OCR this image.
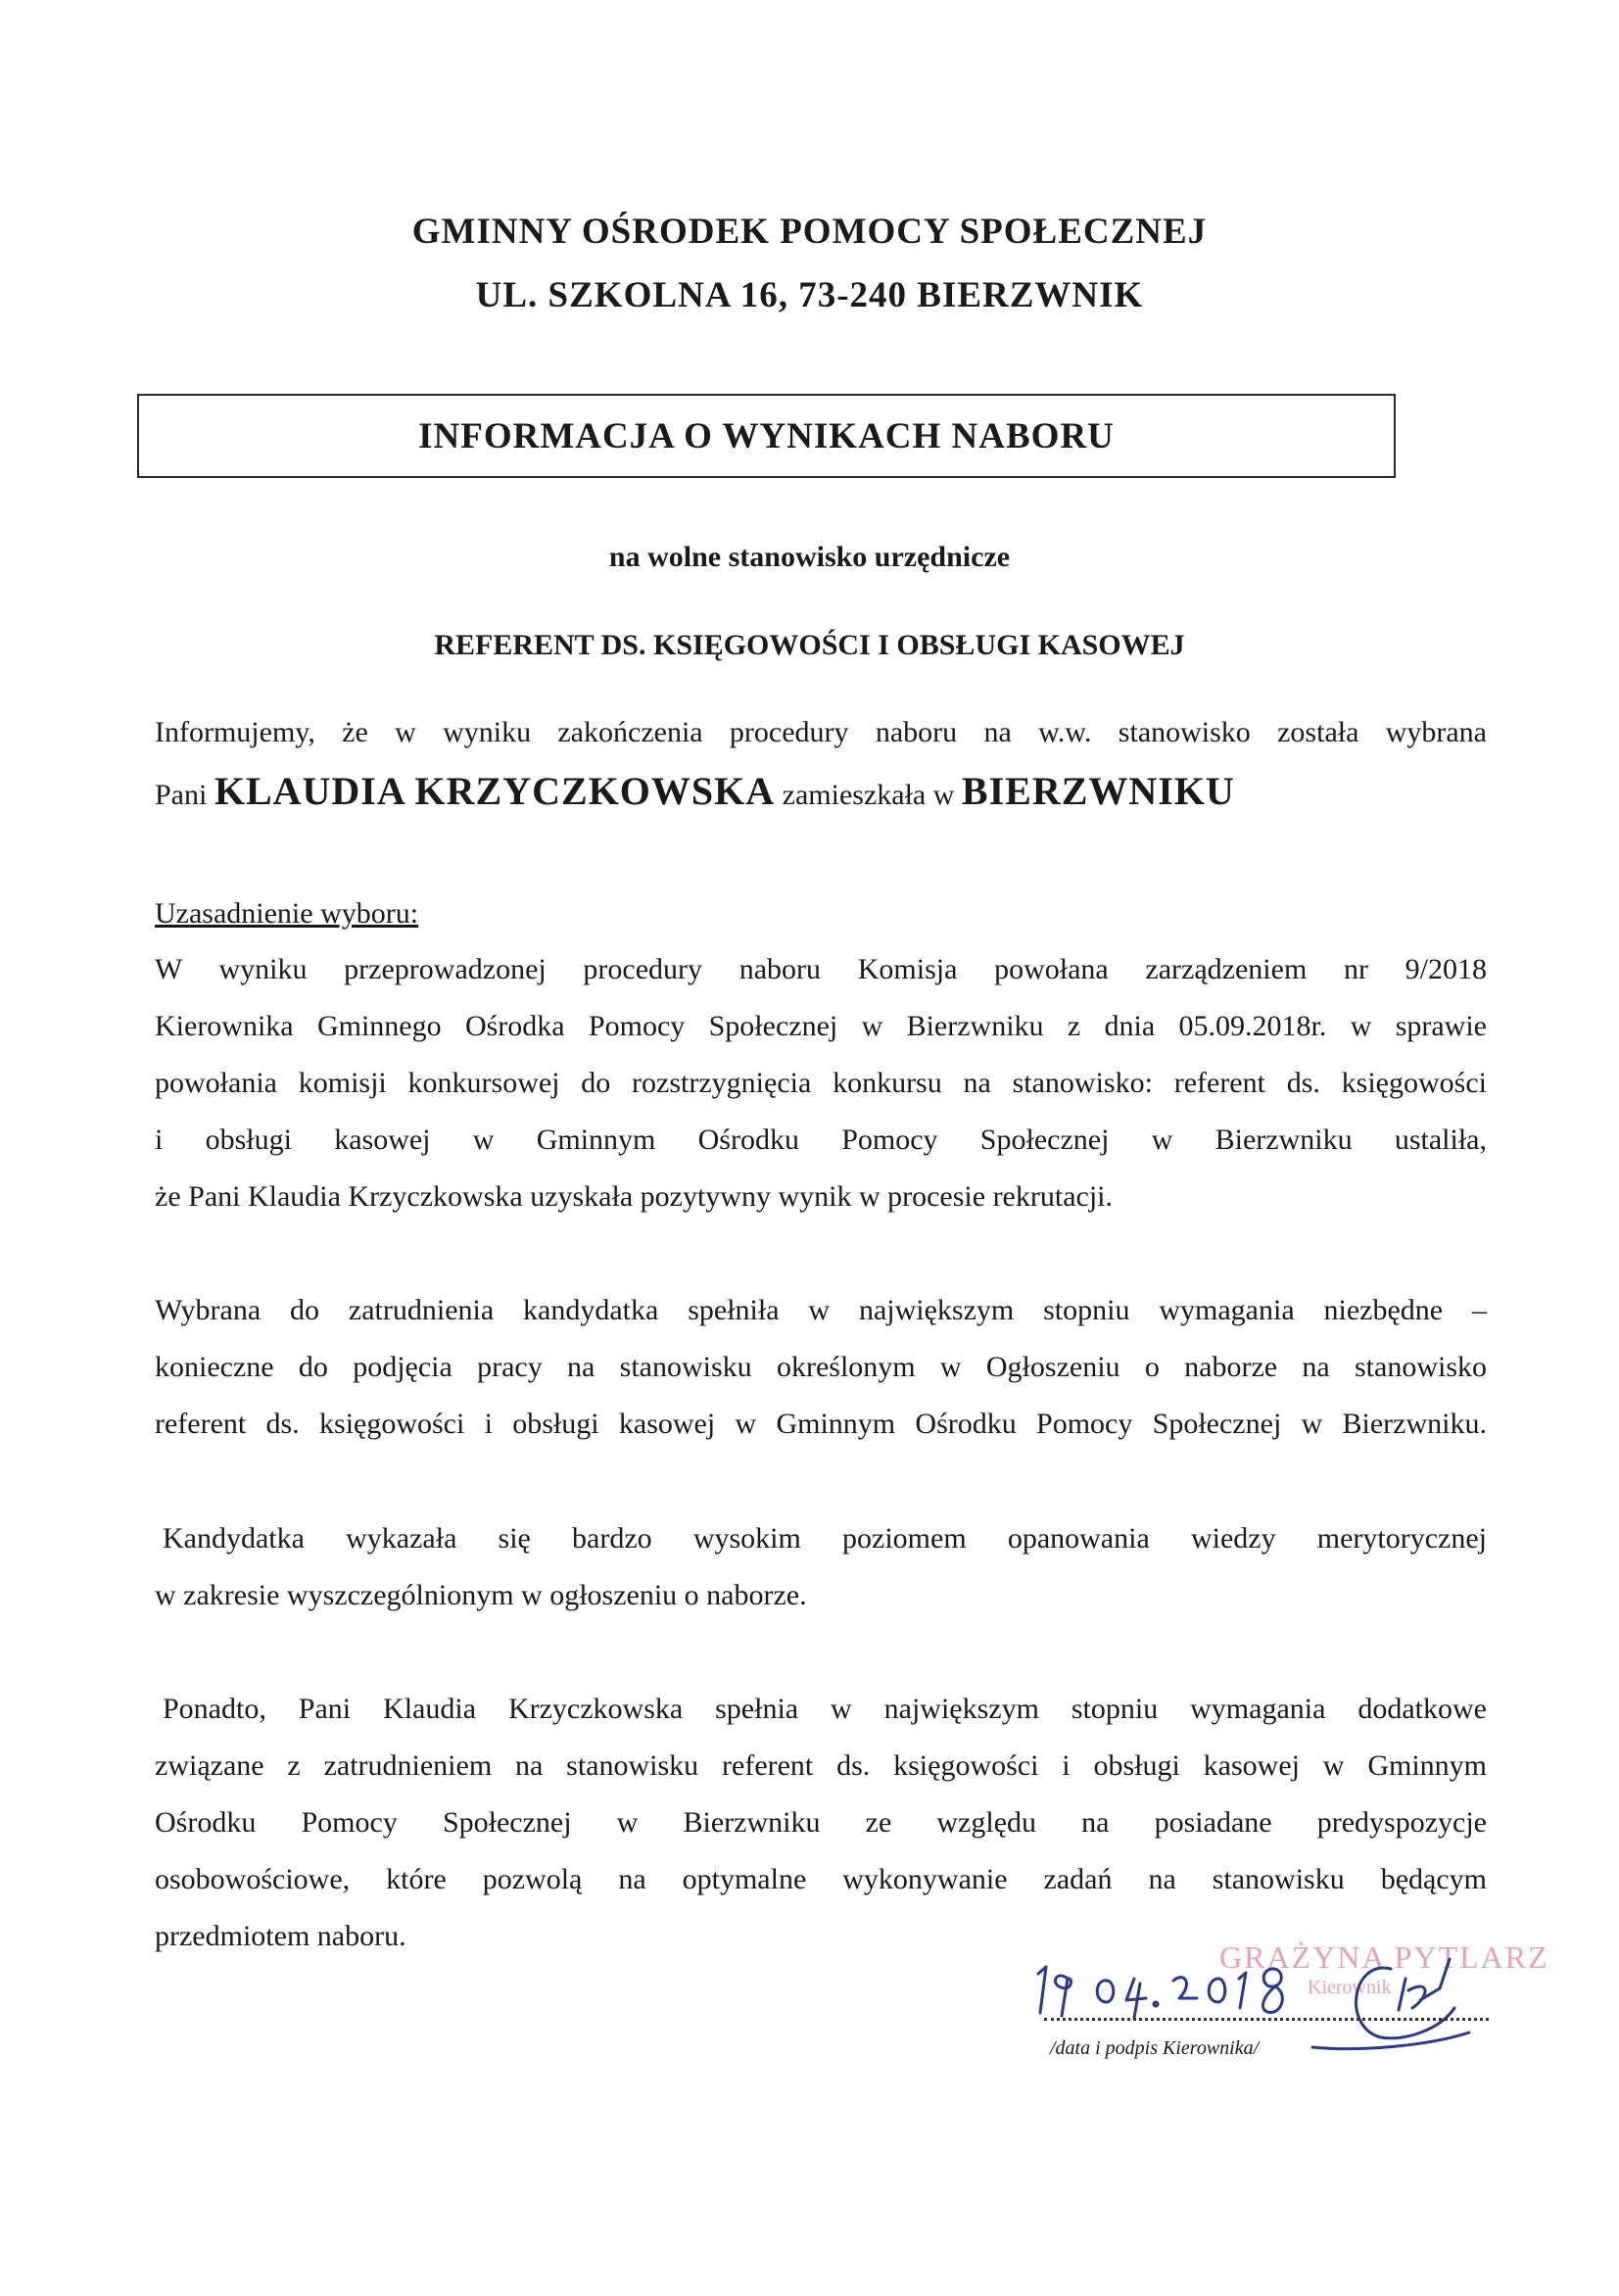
GMINNY OŚRODEK POMOCY SPOŁECZNEJ
UL. SZKOLNA 16, 73-240 BIERZWNIK
INFORMACJA O WYNIKACH NABORU
na wolne stanowisko urzędnicze
REFERENT DS. KSIĘGOWOŚCI I OBSŁUGI KASOWEJ
Informujemy, że w wyniku zakończenia procedury naboru na w.w. stanowisko została wybrana
Pani KLAUDIA KRZYCZKOWSKA zamieszkała w BIERZWNIKU
Uzasadnienie wyboru:
W wyniku przeprowadzonej procedury naboru Komisja powołana zarządzeniem nr 9/2018
Kierownika Gminnego Ośrodka Pomocy Społecznej w Bierzwniku z dnia 05.09.2018r. w sprawie
powołania komisji konkursowej do rozstrzygnięcia konkursu na stanowisko: referent ds. księgowości
i obsługi kasowej w Gminnym Ośrodku Pomocy Społecznej w Bierzwniku ustaliła,
że Pani Klaudia Krzyczkowska uzyskała pozytywny wynik w procesie rekrutacji.
Wybrana do zatrudnienia kandydatka spełniła w największym stopniu wymagania niezbędne –
konieczne do podjęcia pracy na stanowisku określonym w Ogłoszeniu o naborze na stanowisko
referent ds. księgowości i obsługi kasowej w Gminnym Ośrodku Pomocy Społecznej w Bierzwniku.
Kandydatka wykazała się bardzo wysokim poziomem opanowania wiedzy merytorycznej
w zakresie wyszczególnionym w ogłoszeniu o naborze.
Ponadto, Pani Klaudia Krzyczkowska spełnia w największym stopniu wymagania dodatkowe
związane z zatrudnieniem na stanowisku referent ds. księgowości i obsługi kasowej w Gminnym
Ośrodku Pomocy Społecznej w Bierzwniku ze względu na posiadane predyspozycje
osobowościowe, które pozwolą na optymalne wykonywanie zadań na stanowisku będącym
przedmiotem naboru.
GRAŻYNA PYTLARZ
Kierownik
/data i podpis Kierownika/
